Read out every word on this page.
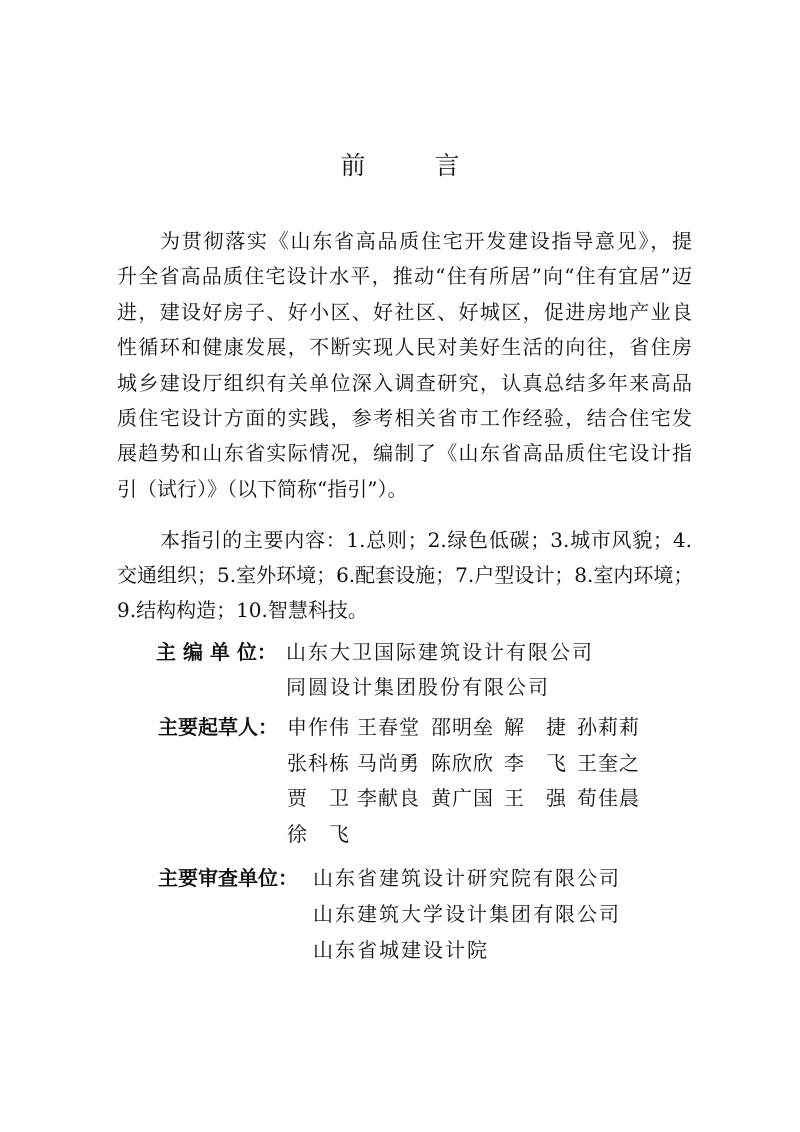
前　言
为贯彻落实《山东省高品质住宅开发建设指导意见》，提
升全省高品质住宅设计水平，推动“住有所居”向“住有宜居”迈
进，建设好房子、好小区、好社区、好城区，促进房地产业良
性循环和健康发展，不断实现人民对美好生活的向往，省住房
城乡建设厅组织有关单位深入调查研究，认真总结多年来高品
质住宅设计方面的实践，参考相关省市工作经验，结合住宅发
展趋势和山东省实际情况，编制了《山东省高品质住宅设计指
引（试行）》（以下简称“指引”）。
本指引的主要内容：1.总则；2.绿色低碳；3.城市风貌；4.
交通组织；5.室外环境；6.配套设施；7.户型设计；8.室内环境；
9.结构构造；10.智慧科技。
主 编 单 位： 山东大卫国际建筑设计有限公司
同圆设计集团股份有限公司
主要起草人： 申作伟 王春堂 邵明垒 解　捷 孙莉莉
张科栋 马尚勇 陈欣欣 李　飞 王奎之
贾　卫 李献良 黄广国 王　强 荀佳晨
徐　飞
主要审查单位： 山东省建筑设计研究院有限公司
山东建筑大学设计集团有限公司
山东省城建设计院
